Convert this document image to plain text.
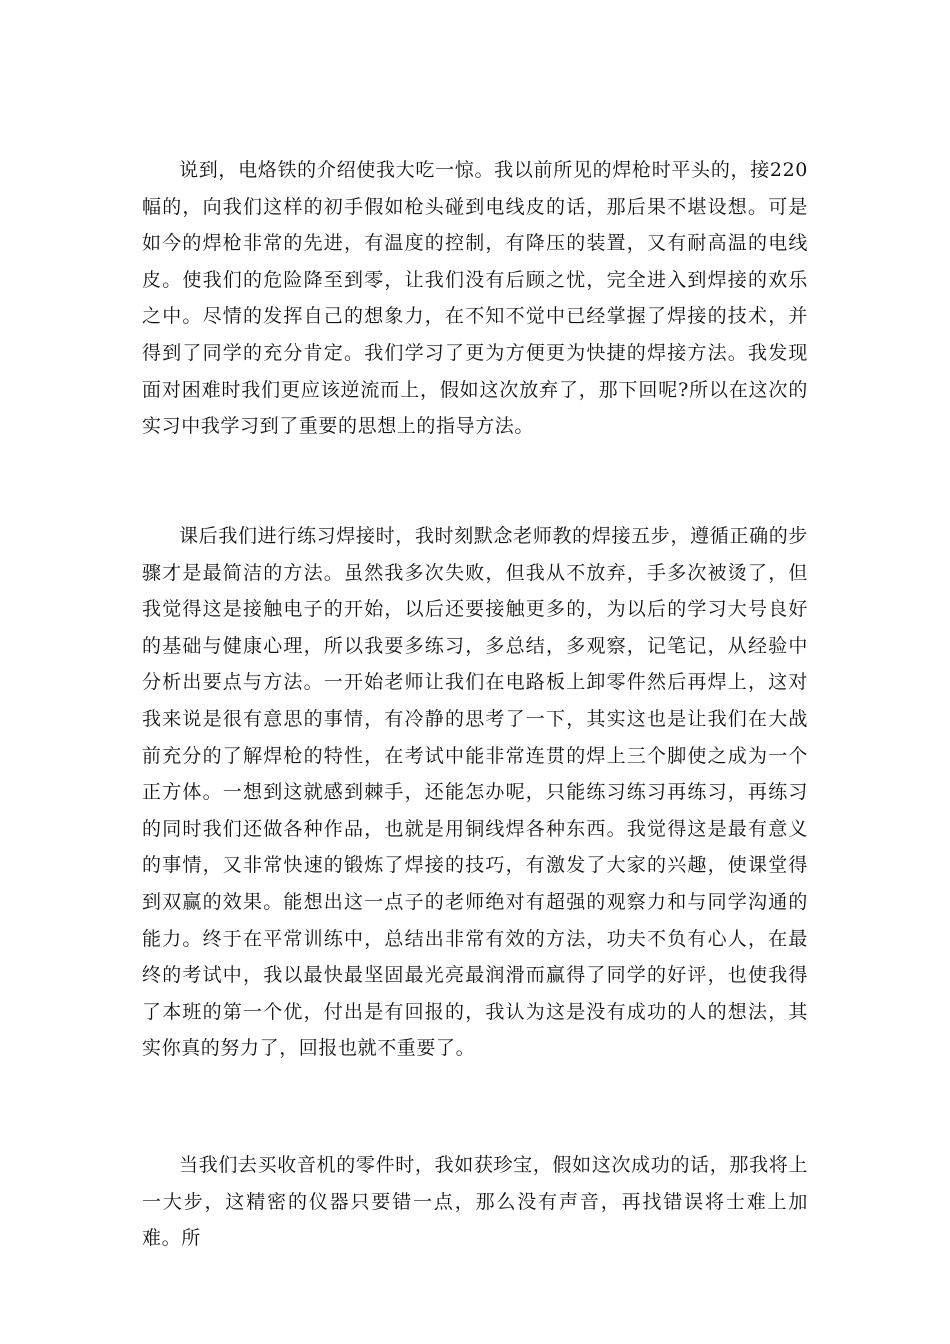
说到，电烙铁的介绍使我大吃一惊。我以前所见的焊枪时平头的，接220幅的，向我们这样的初手假如枪头碰到电线皮的话，那后果不堪设想。可是如今的焊枪非常的先进，有温度的控制，有降压的装置，又有耐高温的电线皮。使我们的危险降至到零，让我们没有后顾之忧，完全进入到焊接的欢乐之中。尽情的发挥自己的想象力，在不知不觉中已经掌握了焊接的技术，并得到了同学的充分肯定。我们学习了更为方便更为快捷的焊接方法。我发现面对困难时我们更应该逆流而上，假如这次放弃了，那下回呢?所以在这次的实习中我学习到了重要的思想上的指导方法。

课后我们进行练习焊接时，我时刻默念老师教的焊接五步，遵循正确的步骤才是最简洁的方法。虽然我多次失败，但我从不放弃，手多次被烫了，但我觉得这是接触电子的开始，以后还要接触更多的，为以后的学习大号良好的基础与健康心理，所以我要多练习，多总结，多观察，记笔记，从经验中分析出要点与方法。一开始老师让我们在电路板上卸零件然后再焊上，这对我来说是很有意思的事情，有冷静的思考了一下，其实这也是让我们在大战前充分的了解焊枪的特性，在考试中能非常连贯的焊上三个脚使之成为一个正方体。一想到这就感到棘手，还能怎办呢，只能练习练习再练习，再练习的同时我们还做各种作品，也就是用铜线焊各种东西。我觉得这是最有意义的事情，又非常快速的锻炼了焊接的技巧，有激发了大家的兴趣，使课堂得到双赢的效果。能想出这一点子的老师绝对有超强的观察力和与同学沟通的能力。终于在平常训练中，总结出非常有效的方法，功夫不负有心人，在最终的考试中，我以最快最坚固最光亮最润滑而赢得了同学的好评，也使我得了本班的第一个优，付出是有回报的，我认为这是没有成功的人的想法，其实你真的努力了，回报也就不重要了。

当我们去买收音机的零件时，我如获珍宝，假如这次成功的话，那我将上一大步，这精密的仪器只要错一点，那么没有声音，再找错误将士难上加难。所
